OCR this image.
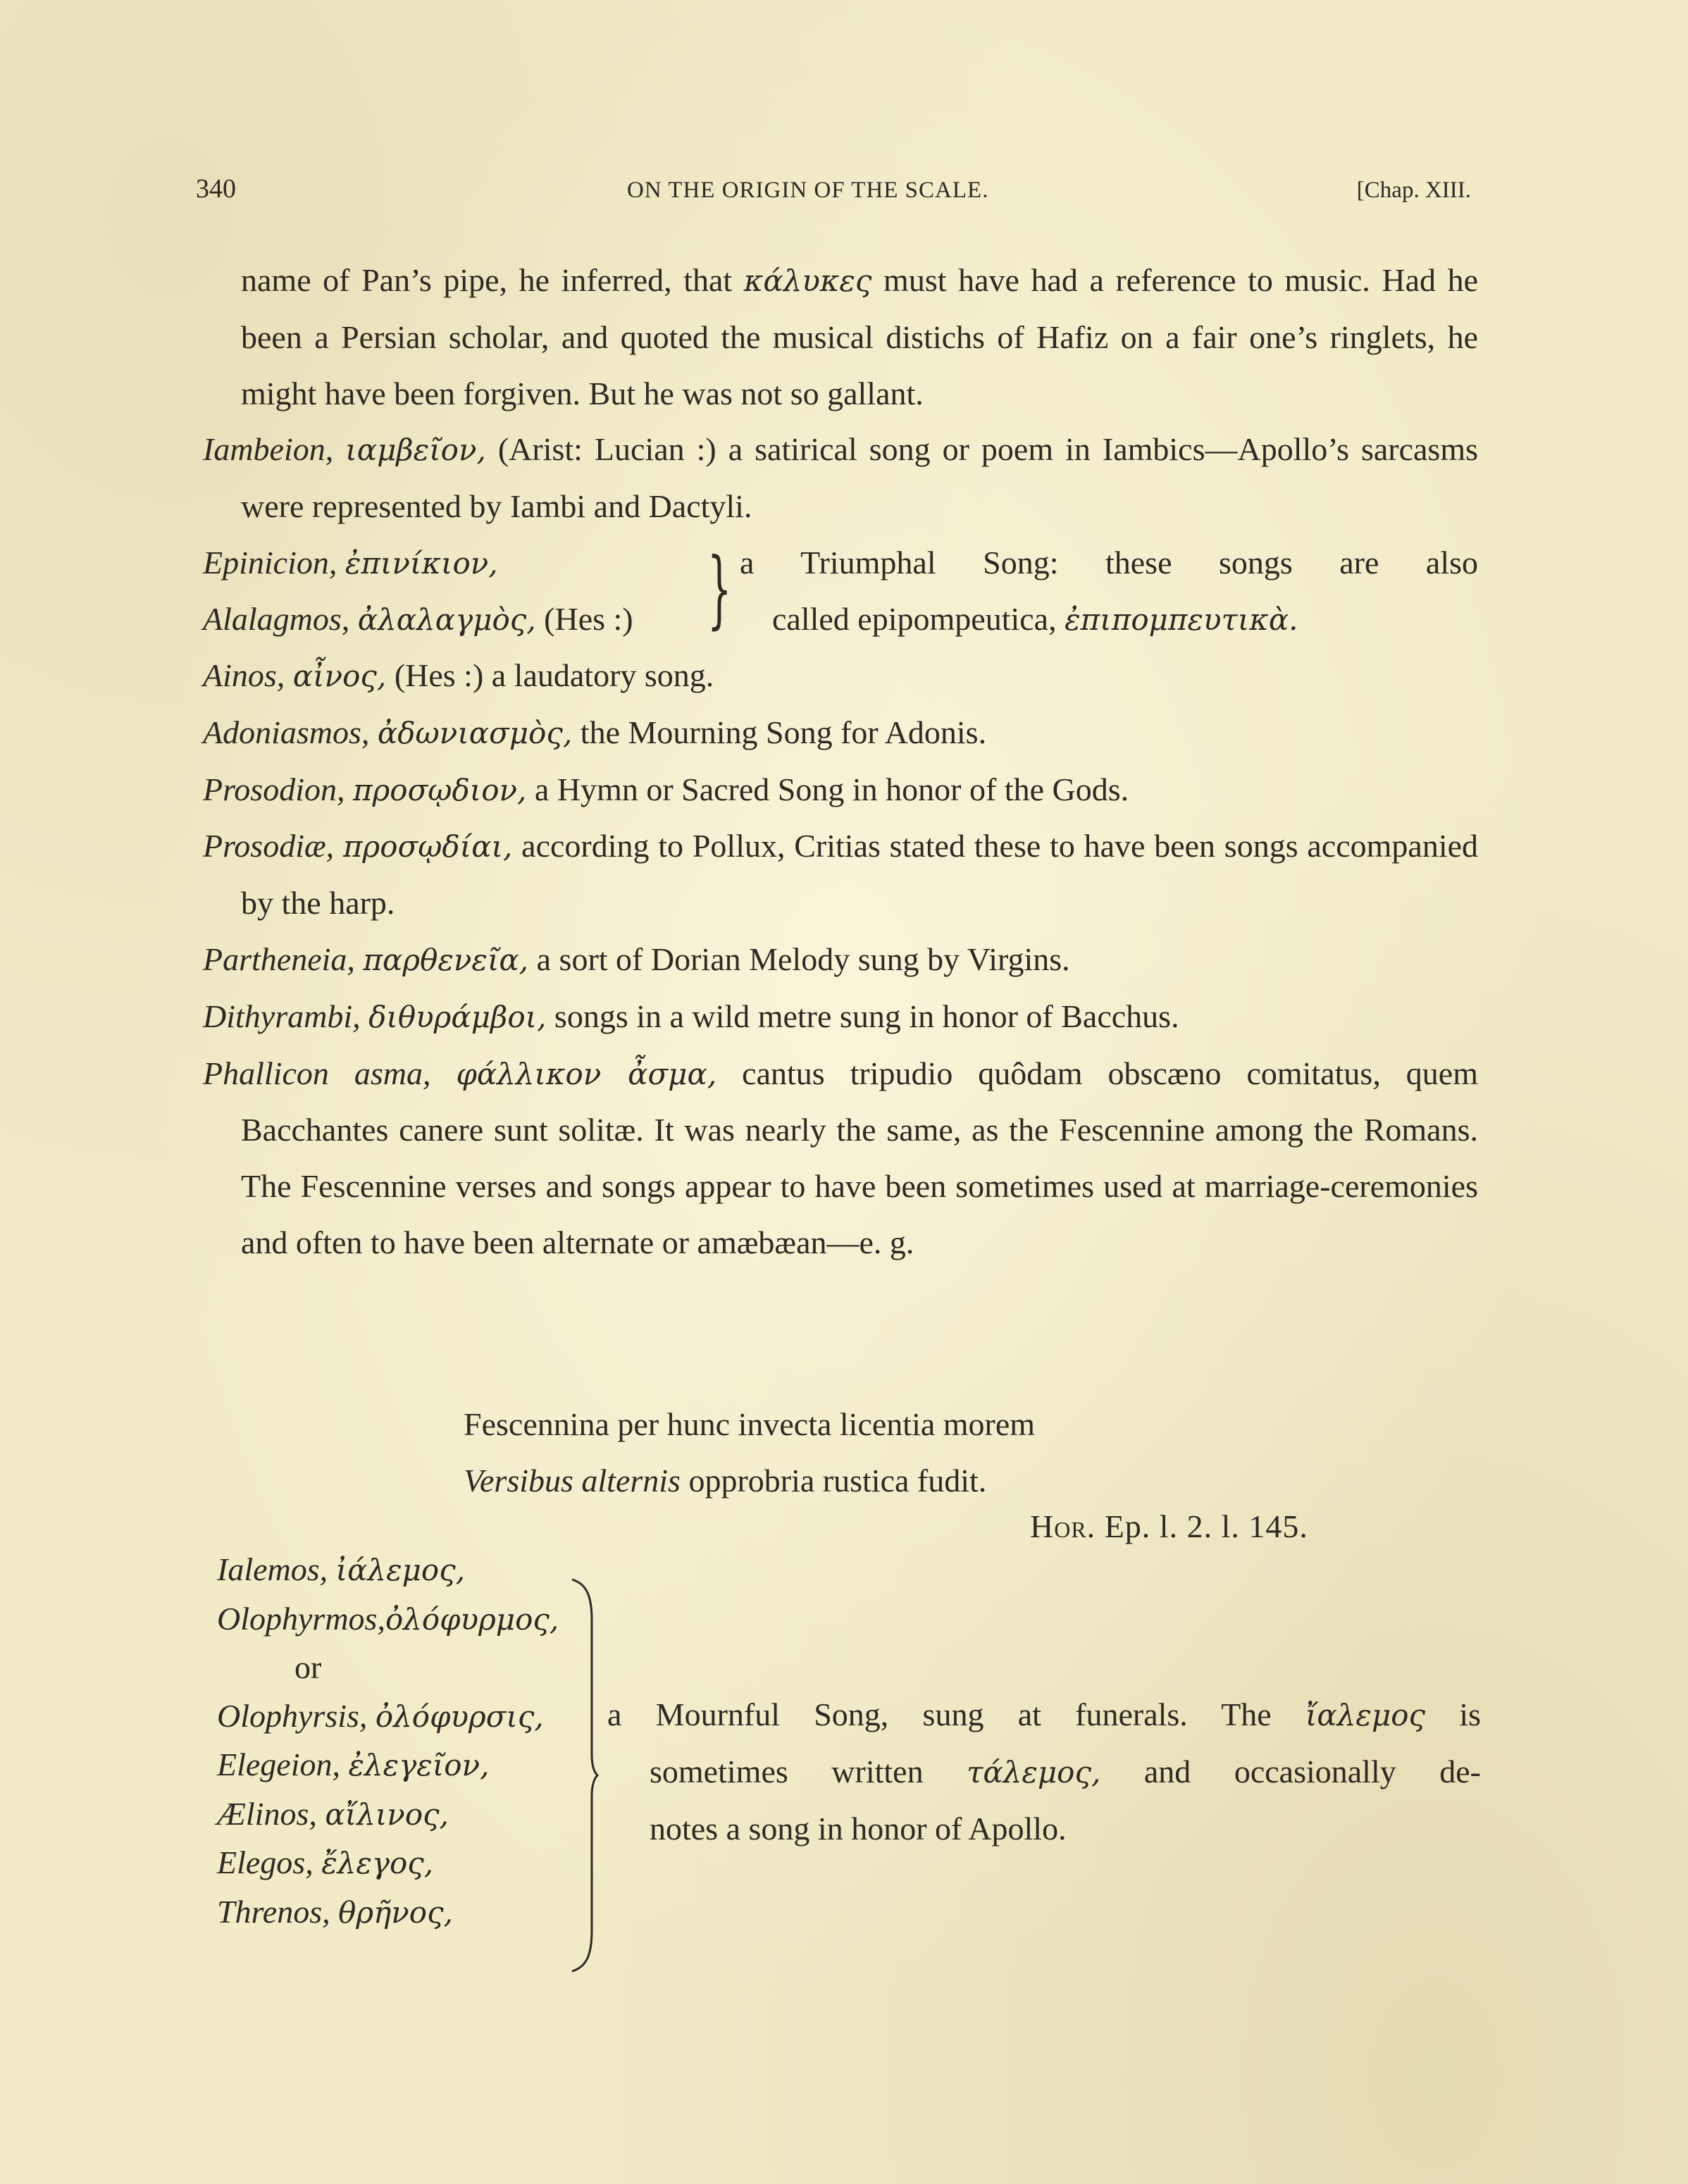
340	ON THE ORIGIN OF THE SCALE.	[Chap. XIII.

name of Pan’s pipe, he inferred, that κάλυκες must have had a reference to music. Had he been a Persian scholar, and quoted the musical distichs of Hafiz on a fair one’s ringlets, he might have been forgiven. But he was not so gallant.

Iambeion, ιαμβεῖον, (Arist: Lucian :) a satirical song or poem in Iambics—Apollo’s sarcasms were represented by Iambi and Dactyli.

Epinicion, ἐπινίκιον,
Alalagmos, ἀλαλαγμὸς, (Hes :) } a Triumphal Song: these songs are also
called epipompeutica, ἐπιπομπευτικὰ.

Ainos, αἶνος, (Hes :) a laudatory song.

Adoniasmos, ἀδωνιασμὸς, the Mourning Song for Adonis.

Prosodion, προσῳδιον, a Hymn or Sacred Song in honor of the Gods.

Prosodiæ, προσῳδίαι, according to Pollux, Critias stated these to have been songs accompanied by the harp.

Partheneia, παρθενεῖα, a sort of Dorian Melody sung by Virgins.

Dithyrambi, διθυράμβοι, songs in a wild metre sung in honor of Bacchus.

Phallicon asma, φάλλικον ἆσμα, cantus tripudio quôdam obscæno comitatus, quem Bacchantes canere sunt solitæ. It was nearly the same, as the Fescennine among the Romans. The Fescennine verses and songs appear to have been sometimes used at marriage-ceremonies and often to have been alternate or amæbæan—e. g.

Fescennina per hunc invecta licentia morem
Versibus alternis opprobria rustica fudit.
Hor. Ep. l. 2. l. 145.
Ialemos, ἰάλεμος,
Olophyrmos,ὀλόφυρμος,
or
Olophyrsis, ὀλόφυρσις,
Elegeion, ἐλεγεῖον,
Ælinos, αἴλινος,
Elegos, ἔλεγος,
Threnos, θρῆνος,
a Mournful Song, sung at funerals. The ἴαλεμος is
sometimes written τάλεμος, and occasionally de-
notes a song in honor of Apollo.
